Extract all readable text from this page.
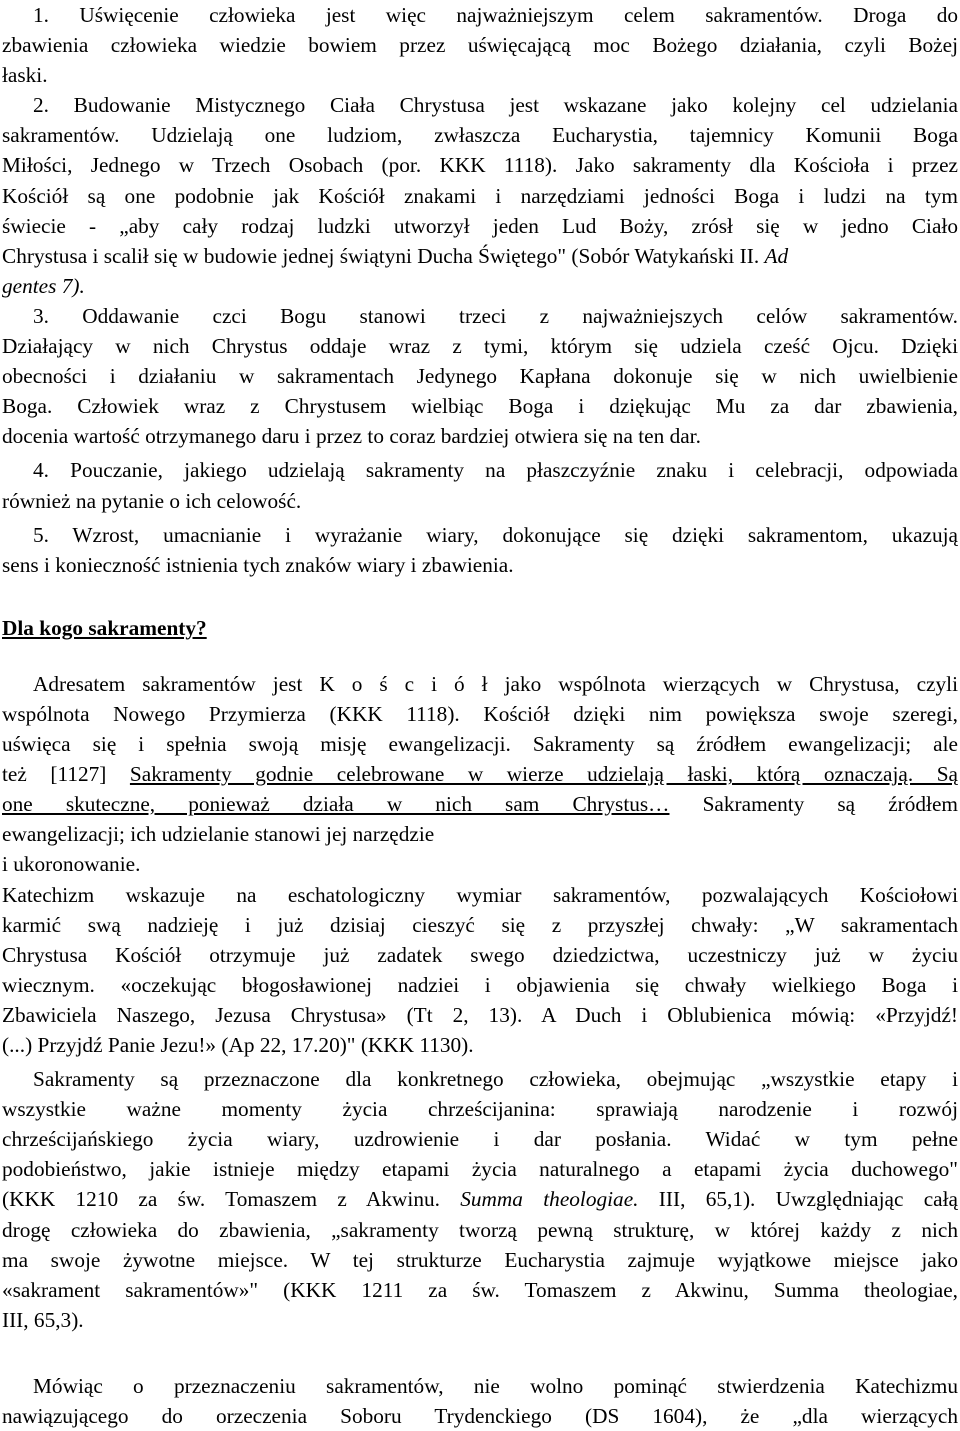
1. Uświęcenie człowieka jest więc najważniejszym celem sakramentów. Droga do
zbawienia człowieka wiedzie bowiem przez uświęcającą moc Bożego działania, czyli Bożej
łaski.
2. Budowanie Mistycznego Ciała Chrystusa jest wskazane jako kolejny cel udzielania
sakramentów. Udzielają one ludziom, zwłaszcza Eucharystia, tajemnicy Komunii Boga
Miłości, Jednego w Trzech Osobach (por. KKK 1118). Jako sakramenty dla Kościoła i przez
Kościół są one podobnie jak Kościół znakami i narzędziami jedności Boga i ludzi na tym
świecie - „aby cały rodzaj ludzki utworzył jeden Lud Boży, zrósł się w jedno Ciało
Chrystusa i scalił się w budowie jednej świątyni Ducha Świętego" (Sobór Watykański II. Ad
gentes 7).
3. Oddawanie czci Bogu stanowi trzeci z najważniejszych celów sakramentów.
Działający w nich Chrystus oddaje wraz z tymi, którym się udziela cześć Ojcu. Dzięki
obecności i działaniu w sakramentach Jedynego Kapłana dokonuje się w nich uwielbienie
Boga. Człowiek wraz z Chrystusem wielbiąc Boga i dziękując Mu za dar zbawienia,
docenia wartość otrzymanego daru i przez to coraz bardziej otwiera się na ten dar.
4. Pouczanie, jakiego udzielają sakramenty na płaszczyźnie znaku i celebracji, odpowiada
również na pytanie o ich celowość.
5. Wzrost, umacnianie i wyrażanie wiary, dokonujące się dzięki sakramentom, ukazują
sens i konieczność istnienia tych znaków wiary i zbawienia.
Dla kogo sakramenty?
Adresatem sakramentów jest K o ś c i ó ł jako wspólnota wierzących w Chrystusa, czyli
wspólnota Nowego Przymierza (KKK 1118). Kościół dzięki nim powiększa swoje szeregi,
uświęca się i spełnia swoją misję ewangelizacji. Sakramenty są źródłem ewangelizacji; ale
też [1127] Sakramenty godnie celebrowane w wierze udzielają łaski, którą oznaczają. Są
one skuteczne, ponieważ działa w nich sam Chrystus… Sakramenty są źródłem
ewangelizacji; ich udzielanie stanowi jej narzędzie
i ukoronowanie.
Katechizm wskazuje na eschatologiczny wymiar sakramentów, pozwalających Kościołowi
karmić swą nadzieję i już dzisiaj cieszyć się z przyszłej chwały: „W sakramentach
Chrystusa Kościół otrzymuje już zadatek swego dziedzictwa, uczestniczy już w życiu
wiecznym. «oczekując błogosławionej nadziei i objawienia się chwały wielkiego Boga i
Zbawiciela Naszego, Jezusa Chrystusa» (Tt 2, 13). A Duch i Oblubienica mówią: «Przyjdź!
(...) Przyjdź Panie Jezu!» (Ap 22, 17.20)" (KKK 1130).
Sakramenty są przeznaczone dla konkretnego człowieka, obejmując „wszystkie etapy i
wszystkie ważne momenty życia chrześcijanina: sprawiają narodzenie i rozwój
chrześcijańskiego życia wiary, uzdrowienie i dar posłania. Widać w tym pełne
podobieństwo, jakie istnieje między etapami życia naturalnego a etapami życia duchowego"
(KKK 1210 za św. Tomaszem z Akwinu. Summa theologiae. III, 65,1). Uwzględniając całą
drogę człowieka do zbawienia, „sakramenty tworzą pewną strukturę, w której każdy z nich
ma swoje żywotne miejsce. W tej strukturze Eucharystia zajmuje wyjątkowe miejsce jako
«sakrament sakramentów»" (KKK 1211 za św. Tomaszem z Akwinu, Summa theologiae,
III, 65,3).
Mówiąc o przeznaczeniu sakramentów, nie wolno pominąć stwierdzenia Katechizmu
nawiązującego do orzeczenia Soboru Trydenckiego (DS 1604), że „dla wierzących
